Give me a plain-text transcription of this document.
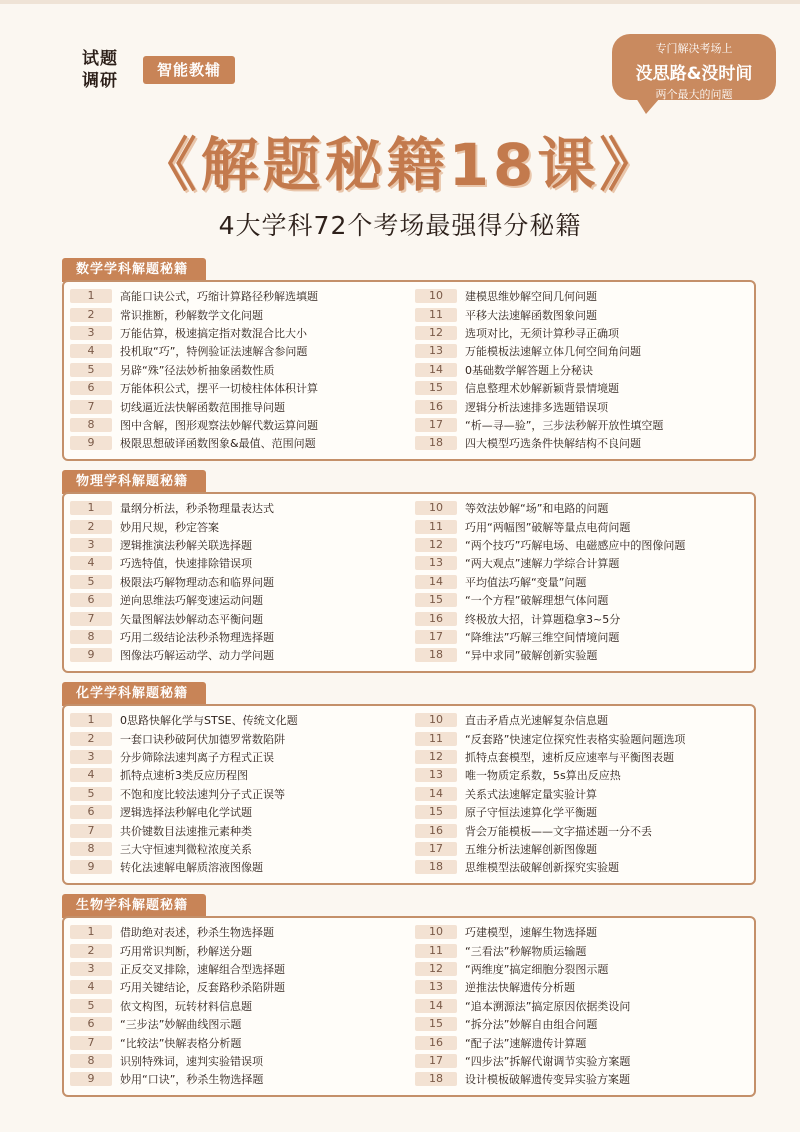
试题
调研
智能教辅
专门解决考场上
没思路&没时间
两个最大的问题
《解题秘籍18课》
4大学科72个考场最强得分秘籍
数学学科解题秘籍
1	高能口诀公式，巧缩计算路径秒解选填题
2	常识推断，秒解数学文化问题
3	万能估算，极速搞定指对数混合比大小
4	投机取“巧”，特例验证法速解含参问题
5	另辟“殊”径法妙析抽象函数性质
6	万能体积公式，摆平一切棱柱体体积计算
7	切线逼近法快解函数范围推导问题
8	图中含解，图形观察法妙解代数运算问题
9	极限思想破译函数图象&最值、范围问题
10	建模思维妙解空间几何问题
11	平移大法速解函数图象问题
12	选项对比，无须计算秒寻正确项
13	万能模板法速解立体几何空间角问题
14	0基础数学解答题上分秘诀
15	信息整理术妙解新颖背景情境题
16	逻辑分析法速排多选题错误项
17	“析—寻—验”，三步法秒解开放性填空题
18	四大模型巧选条件快解结构不良问题
物理学科解题秘籍
1	量纲分析法，秒杀物理量表达式
2	妙用尺规，秒定答案
3	逻辑推演法秒解关联选择题
4	巧选特值，快速排除错误项
5	极限法巧解物理动态和临界问题
6	逆向思维法巧解变速运动问题
7	矢量图解法妙解动态平衡问题
8	巧用二级结论法秒杀物理选择题
9	图像法巧解运动学、动力学问题
10	等效法妙解“场”和电路的问题
11	巧用“两幅图”破解等量点电荷问题
12	“两个技巧”巧解电场、电磁感应中的图像问题
13	“两大观点”速解力学综合计算题
14	平均值法巧解“变量”问题
15	“一个方程”破解理想气体问题
16	终极放大招，计算题稳拿3~5分
17	“降维法”巧解三维空间情境问题
18	“异中求同”破解创新实验题
化学学科解题秘籍
1	0思路快解化学与STSE、传统文化题
2	一套口诀秒破阿伏加德罗常数陷阱
3	分步筛除法速判离子方程式正误
4	抓特点速析3类反应历程图
5	不饱和度比较法速判分子式正误等
6	逻辑选择法秒解电化学试题
7	共价键数目法速推元素种类
8	三大守恒速判微粒浓度关系
9	转化法速解电解质溶液图像题
10	直击矛盾点光速解复杂信息题
11	“反套路”快速定位探究性表格实验题问题选项
12	抓特点套模型，速析反应速率与平衡图表题
13	唯一物质定系数，5s算出反应热
14	关系式法速解定量实验计算
15	原子守恒法速算化学平衡题
16	背会万能模板——文字描述题一分不丢
17	五维分析法速解创新图像题
18	思维模型法破解创新探究实验题
生物学科解题秘籍
1	借助绝对表述，秒杀生物选择题
2	巧用常识判断，秒解送分题
3	正反交叉排除，速解组合型选择题
4	巧用关键结论，反套路秒杀陷阱题
5	依文构图，玩转材料信息题
6	“三步法”妙解曲线图示题
7	“比较法”快解表格分析题
8	识别特殊词，速判实验错误项
9	妙用“口诀”，秒杀生物选择题
10	巧建模型，速解生物选择题
11	“三看法”秒解物质运输题
12	“两维度”搞定细胞分裂图示题
13	逆推法快解遗传分析题
14	“追本溯源法”搞定原因依据类设问
15	“拆分法”妙解自由组合问题
16	“配子法”速解遗传计算题
17	“四步法”拆解代谢调节实验方案题
18	设计模板破解遗传变异实验方案题
